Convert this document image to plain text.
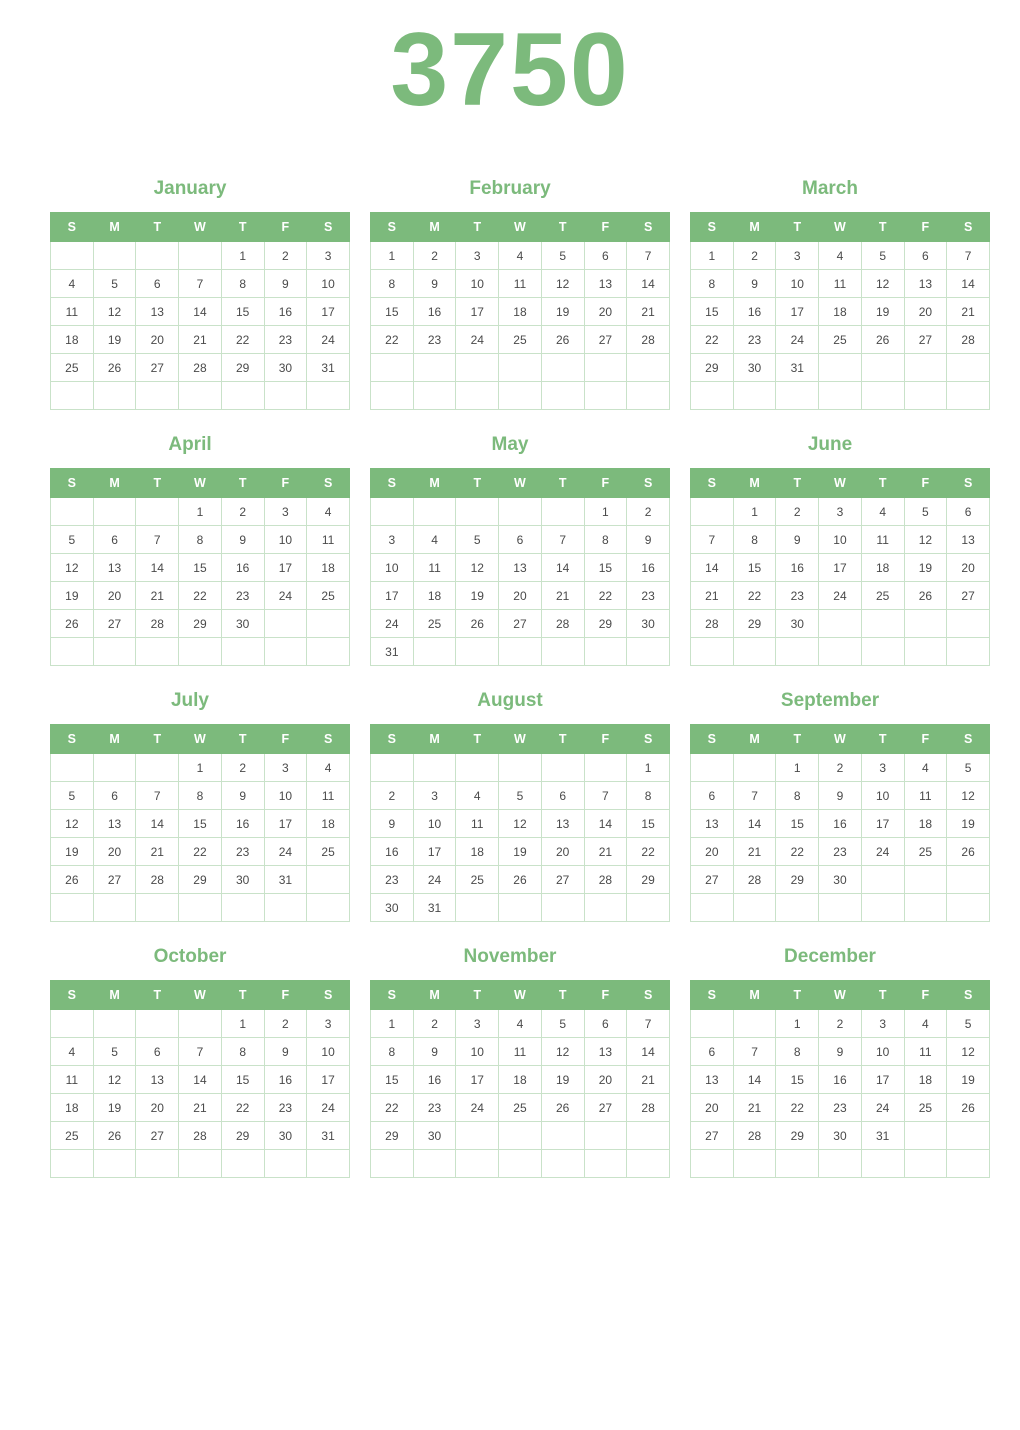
3750
January
S	M	T	W	T	F	S
				1	2	3
4	5	6	7	8	9	10
11	12	13	14	15	16	17
18	19	20	21	22	23	24
25	26	27	28	29	30	31

February
S	M	T	W	T	F	S
1	2	3	4	5	6	7
8	9	10	11	12	13	14
15	16	17	18	19	20	21
22	23	24	25	26	27	28

March
S	M	T	W	T	F	S
1	2	3	4	5	6	7
8	9	10	11	12	13	14
15	16	17	18	19	20	21
22	23	24	25	26	27	28
29	30	31				

April
S	M	T	W	T	F	S
			1	2	3	4
5	6	7	8	9	10	11
12	13	14	15	16	17	18
19	20	21	22	23	24	25
26	27	28	29	30		

May
S	M	T	W	T	F	S
					1	2
3	4	5	6	7	8	9
10	11	12	13	14	15	16
17	18	19	20	21	22	23
24	25	26	27	28	29	30
31						
June
S	M	T	W	T	F	S
	1	2	3	4	5	6
7	8	9	10	11	12	13
14	15	16	17	18	19	20
21	22	23	24	25	26	27
28	29	30				

July
S	M	T	W	T	F	S
			1	2	3	4
5	6	7	8	9	10	11
12	13	14	15	16	17	18
19	20	21	22	23	24	25
26	27	28	29	30	31	

August
S	M	T	W	T	F	S
						1
2	3	4	5	6	7	8
9	10	11	12	13	14	15
16	17	18	19	20	21	22
23	24	25	26	27	28	29
30	31					
September
S	M	T	W	T	F	S
		1	2	3	4	5
6	7	8	9	10	11	12
13	14	15	16	17	18	19
20	21	22	23	24	25	26
27	28	29	30			

October
S	M	T	W	T	F	S
				1	2	3
4	5	6	7	8	9	10
11	12	13	14	15	16	17
18	19	20	21	22	23	24
25	26	27	28	29	30	31

November
S	M	T	W	T	F	S
1	2	3	4	5	6	7
8	9	10	11	12	13	14
15	16	17	18	19	20	21
22	23	24	25	26	27	28
29	30					

December
S	M	T	W	T	F	S
		1	2	3	4	5
6	7	8	9	10	11	12
13	14	15	16	17	18	19
20	21	22	23	24	25	26
27	28	29	30	31		
